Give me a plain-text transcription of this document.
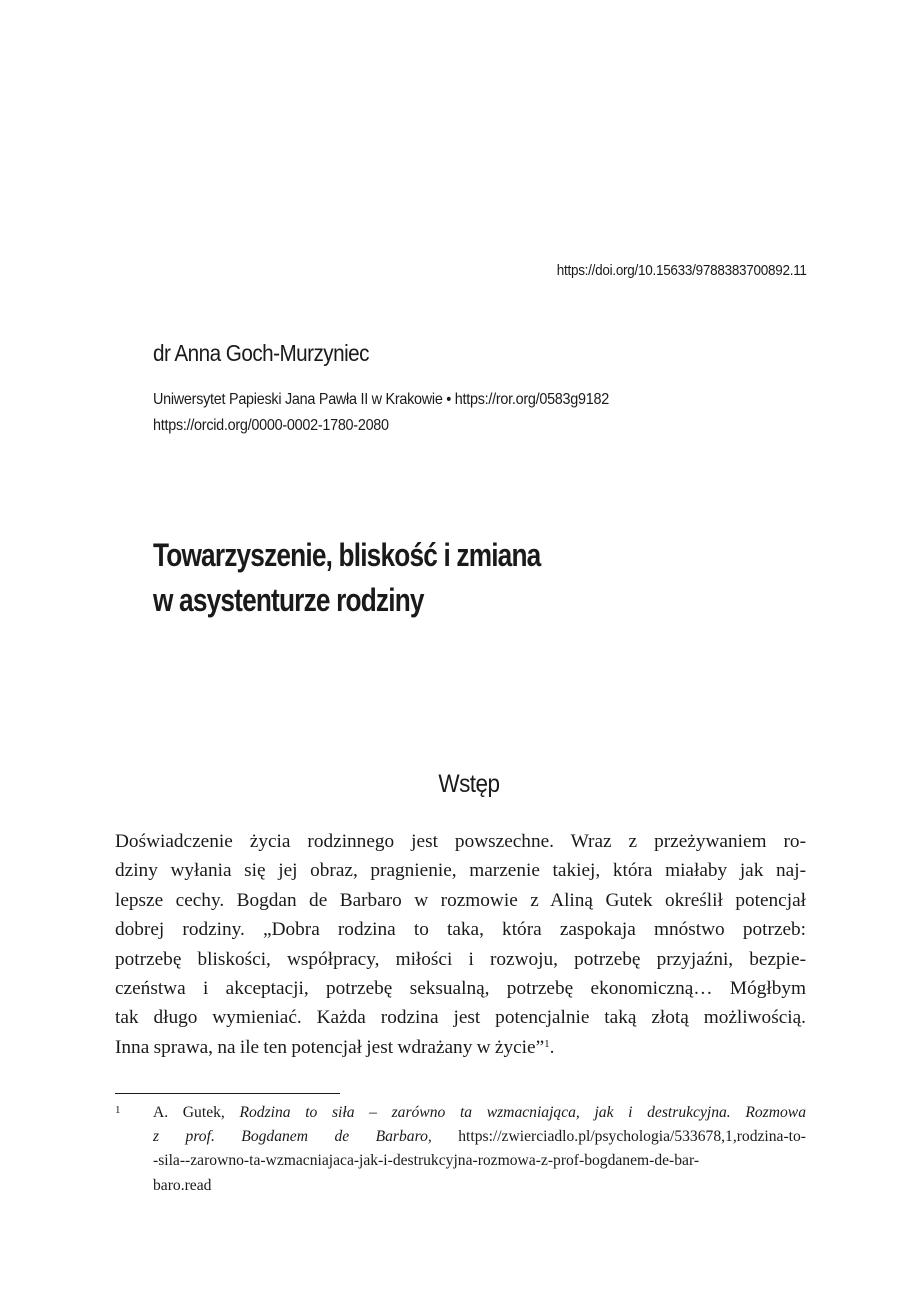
https://doi.org/10.15633/9788383700892.11
dr Anna Goch-Murzyniec
Uniwersytet Papieski Jana Pawła II w Krakowie • https://ror.org/0583g9182
https://orcid.org/0000-0002-1780-2080
Towarzyszenie, bliskość i zmiana
w asystenturze rodziny
Wstęp
Doświadczenie życia rodzinnego jest powszechne. Wraz z przeżywaniem ro-
dziny wyłania się jej obraz, pragnienie, marzenie takiej, która miałaby jak naj-
lepsze cechy. Bogdan de Barbaro w rozmowie z Aliną Gutek określił potencjał
dobrej rodziny. „Dobra rodzina to taka, która zaspokaja mnóstwo potrzeb:
potrzebę bliskości, współpracy, miłości i rozwoju, potrzebę przyjaźni, bezpie-
czeństwa i akceptacji, potrzebę seksualną, potrzebę ekonomiczną… Mógłbym
tak długo wymieniać. Każda rodzina jest potencjalnie taką złotą możliwością.
Inna sprawa, na ile ten potencjał jest wdrażany w życie”$^1$.
1 A. Gutek, Rodzina to siła – zarówno ta wzmacniająca, jak i destrukcyjna. Rozmowa
z prof. Bogdanem de Barbaro, https://zwierciadlo.pl/psychologia/533678,1,rodzina-to-
-sila--zarowno-ta-wzmacniajaca-jak-i-destrukcyjna-rozmowa-z-prof-bogdanem-de-bar-
baro.read
